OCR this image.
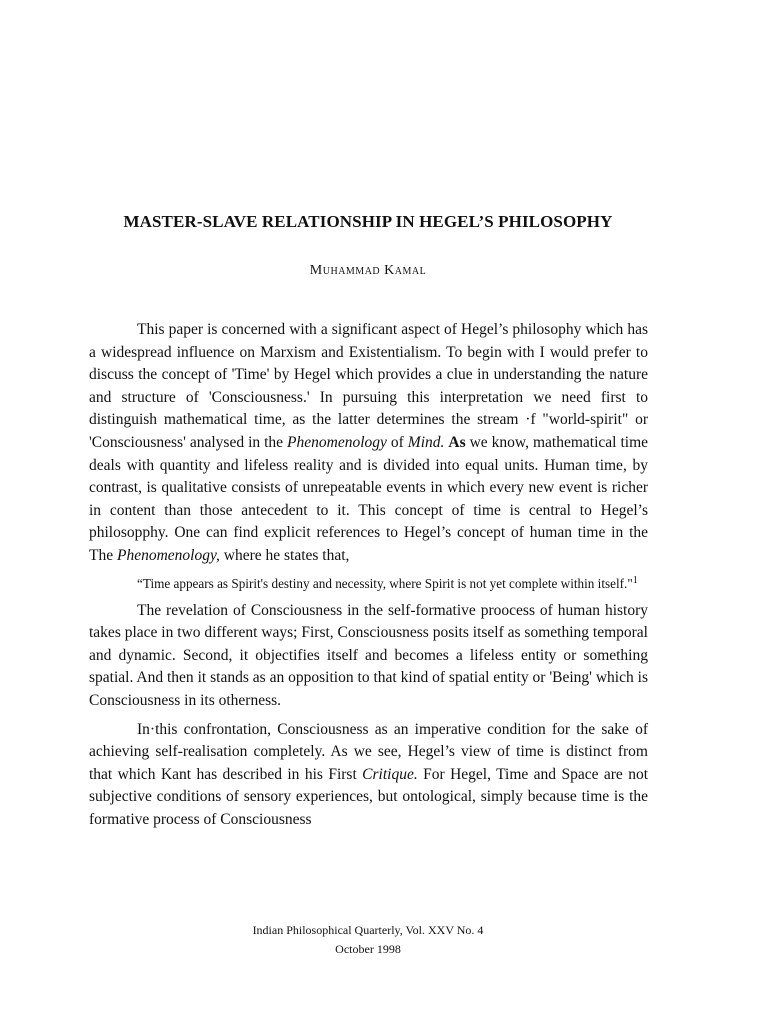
MASTER-SLAVE RELATIONSHIP IN HEGEL’S PHILOSOPHY

Muhammad Kamal

This paper is concerned with a significant aspect of Hegel’s philosophy which has a widespread influence on Marxism and Existentialism. To begin with I would prefer to discuss the concept of 'Time' by Hegel which provides a clue in understanding the nature and structure of 'Consciousness.' In pursuing this interpretation we need first to distinguish mathematical time, as the latter determines the stream ·f "world-spirit" or 'Consciousness' analysed in the Phenomenology of Mind. As we know, mathematical time deals with quantity and lifeless reality and is divided into equal units. Human time, by contrast, is qualitative consists of unrepeatable events in which every new event is richer in content than those antecedent to it. This concept of time is central to Hegel’s philosopphy. One can find explicit references to Hegel’s concept of human time in the The Phenomenology, where he states that,

“Time appears as Spirit's destiny and necessity, where Spirit is not yet complete within itself."$^1$

The revelation of Consciousness in the self-formative proocess of human history takes place in two different ways; First, Consciousness posits itself as something temporal and dynamic. Second, it objectifies itself and becomes a lifeless entity or something spatial. And then it stands as an opposition to that kind of spatial entity or 'Being' which is Consciousness in its otherness.

In·this confrontation, Consciousness as an imperative condition for the sake of achieving self-realisation completely. As we see, Hegel’s view of time is distinct from that which Kant has described in his First Critique. For Hegel, Time and Space are not subjective conditions of sensory experiences, but ontological, simply because time is the formative process of Consciousness

Indian Philosophical Quarterly, Vol. XXV No. 4
October 1998
